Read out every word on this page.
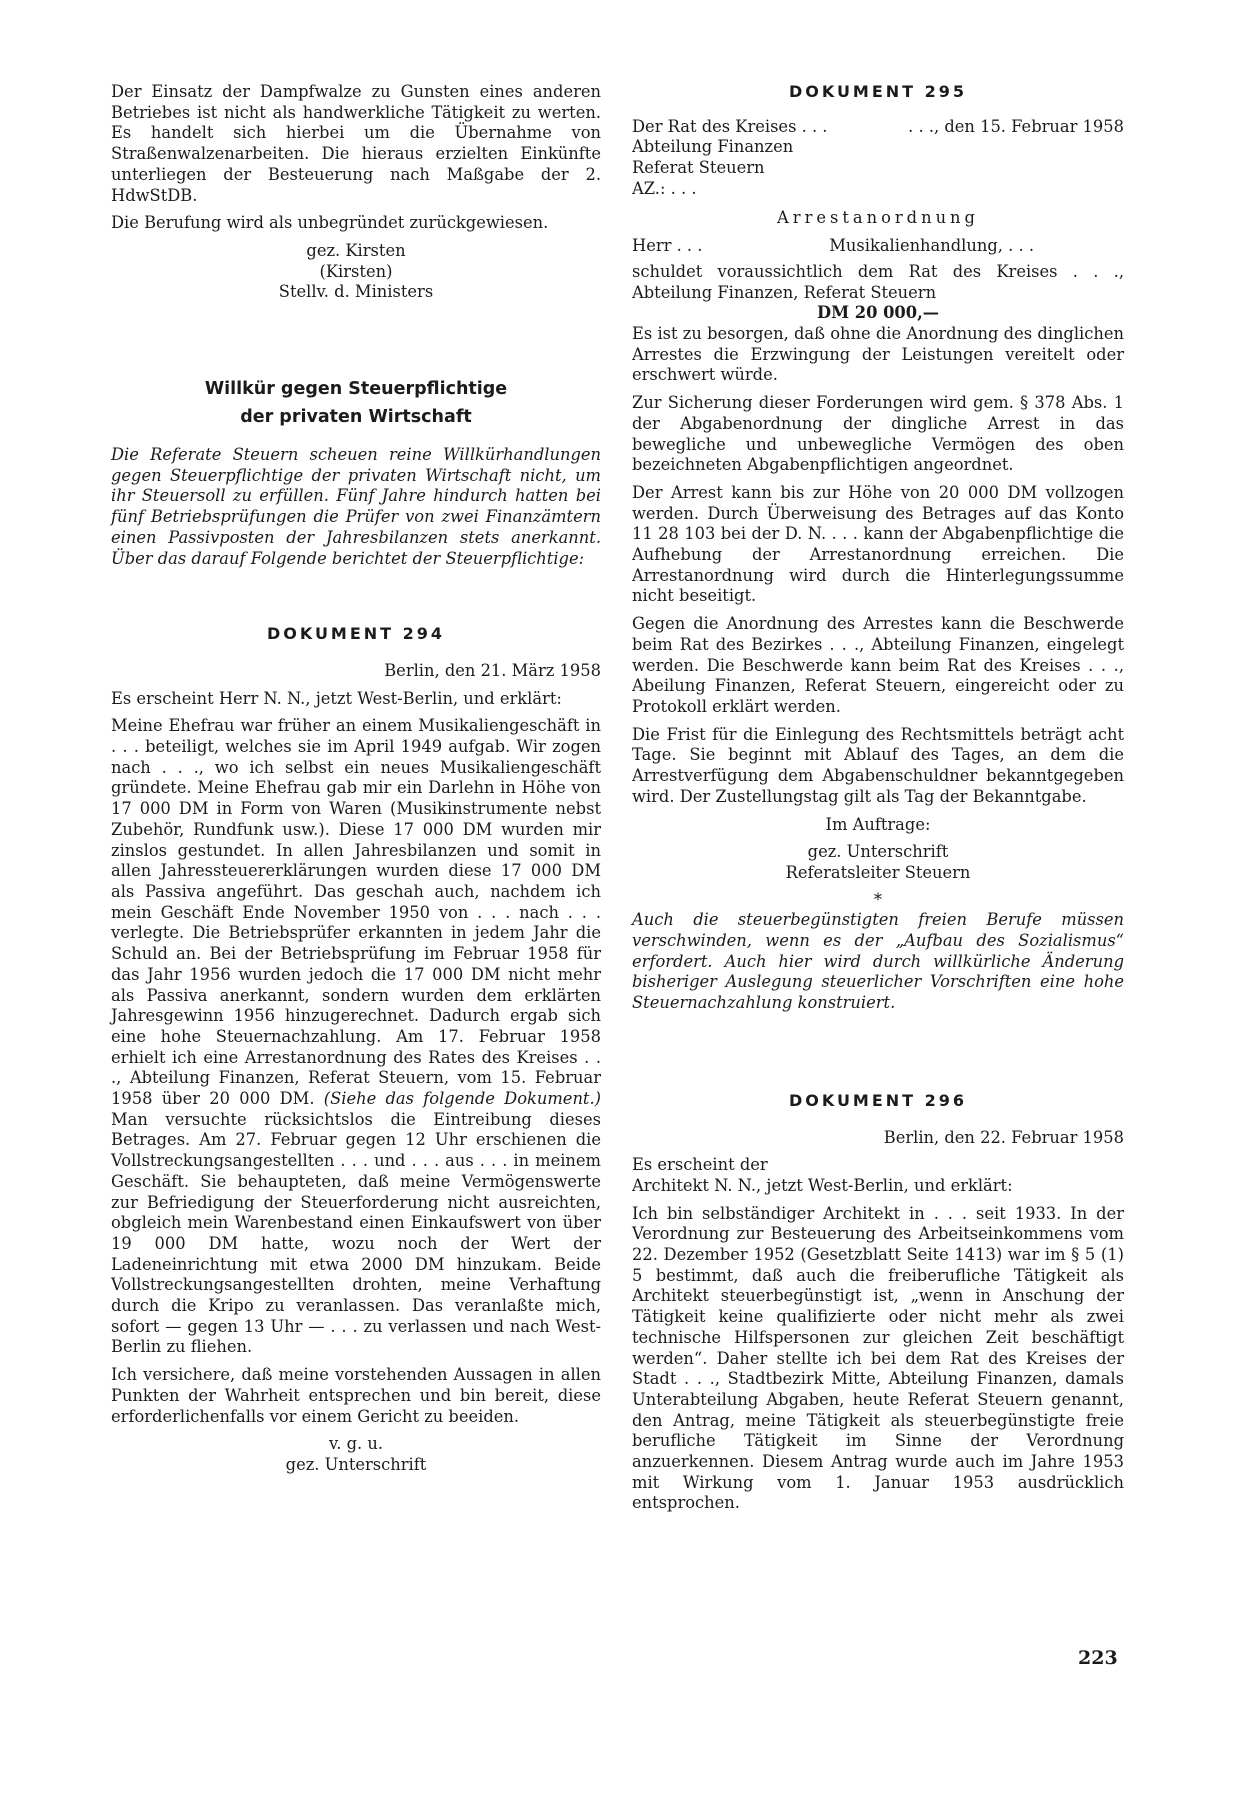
Der Einsatz der Dampfwalze zu Gunsten eines anderen Betriebes ist nicht als handwerkliche Tätigkeit zu werten. Es handelt sich hierbei um die Übernahme von Straßenwalzenarbeiten. Die hieraus erzielten Einkünfte unterliegen der Besteuerung nach Maßgabe der 2. HdwStDB.

Die Berufung wird als unbegründet zurückgewiesen.

gez. Kirsten

(Kirsten)

Stellv. d. Ministers

Willkür gegen Steuerpflichtige

der privaten Wirtschaft

Die Referate Steuern scheuen reine Willkürhandlungen gegen Steuerpflichtige der privaten Wirtschaft nicht, um ihr Steuersoll zu erfüllen. Fünf Jahre hindurch hatten bei fünf Betriebsprüfungen die Prüfer von zwei Finanzämtern einen Passivposten der Jahresbilanzen stets anerkannt. Über das darauf Folgende berichtet der Steuerpflichtige:

DOKUMENT 294

Berlin, den 21. März 1958

Es erscheint Herr N. N., jetzt West-Berlin, und erklärt:

Meine Ehefrau war früher an einem Musikaliengeschäft in . . . beteiligt, welches sie im April 1949 aufgab. Wir zogen nach . . ., wo ich selbst ein neues Musikaliengeschäft gründete. Meine Ehefrau gab mir ein Darlehn in Höhe von 17 000 DM in Form von Waren (Musikinstrumente nebst Zubehör, Rundfunk usw.). Diese 17 000 DM wurden mir zinslos gestundet. In allen Jahresbilanzen und somit in allen Jahressteuererklärungen wurden diese 17 000 DM als Passiva angeführt. Das geschah auch, nachdem ich mein Geschäft Ende November 1950 von . . . nach . . . verlegte. Die Betriebsprüfer erkannten in jedem Jahr die Schuld an. Bei der Betriebsprüfung im Februar 1958 für das Jahr 1956 wurden jedoch die 17 000 DM nicht mehr als Passiva anerkannt, sondern wurden dem erklärten Jahresgewinn 1956 hinzugerechnet. Dadurch ergab sich eine hohe Steuernachzahlung. Am 17. Februar 1958 erhielt ich eine Arrestanordnung des Rates des Kreises . . ., Abteilung Finanzen, Referat Steuern, vom 15. Februar 1958 über 20 000 DM. (Siehe das folgende Dokument.) Man versuchte rücksichtslos die Eintreibung dieses Betrages. Am 27. Februar gegen 12 Uhr erschienen die Vollstreckungsangestellten . . . und . . . aus . . . in meinem Geschäft. Sie behaupteten, daß meine Vermögenswerte zur Befriedigung der Steuerforderung nicht ausreichten, obgleich mein Warenbestand einen Einkaufswert von über 19 000 DM hatte, wozu noch der Wert der Ladeneinrichtung mit etwa 2000 DM hinzukam. Beide Vollstreckungsangestellten drohten, meine Verhaftung durch die Kripo zu veranlassen. Das veranlaßte mich, sofort — gegen 13 Uhr — . . . zu verlassen und nach West-Berlin zu fliehen.

Ich versichere, daß meine vorstehenden Aussagen in allen Punkten der Wahrheit entsprechen und bin bereit, diese erforderlichenfalls vor einem Gericht zu beeiden.

v. g. u.

gez. Unterschrift

DOKUMENT 295

Der Rat des Kreises . . .	. . ., den 15. Februar 1958

Abteilung Finanzen

Referat Steuern

AZ.: . . .

Arrestanordnung

Herr . . .	Musikalienhandlung, . . .

schuldet voraussichtlich dem Rat des Kreises . . ., Abteilung Finanzen, Referat Steuern

DM 20 000,—

Es ist zu besorgen, daß ohne die Anordnung des dinglichen Arrestes die Erzwingung der Leistungen vereitelt oder erschwert würde.

Zur Sicherung dieser Forderungen wird gem. § 378 Abs. 1 der Abgabenordnung der dingliche Arrest in das bewegliche und unbewegliche Vermögen des oben bezeichneten Abgabenpflichtigen angeordnet.

Der Arrest kann bis zur Höhe von 20 000 DM vollzogen werden. Durch Überweisung des Betrages auf das Konto 11 28 103 bei der D. N. . . . kann der Abgabenpflichtige die Aufhebung der Arrestanordnung erreichen. Die Arrestanordnung wird durch die Hinterlegungssumme nicht beseitigt.

Gegen die Anordnung des Arrestes kann die Beschwerde beim Rat des Bezirkes . . ., Abteilung Finanzen, eingelegt werden. Die Beschwerde kann beim Rat des Kreises . . ., Abeilung Finanzen, Referat Steuern, eingereicht oder zu Protokoll erklärt werden.

Die Frist für die Einlegung des Rechtsmittels beträgt acht Tage. Sie beginnt mit Ablauf des Tages, an dem die Arrestverfügung dem Abgabenschuldner bekanntgegeben wird. Der Zustellungstag gilt als Tag der Bekanntgabe.

Im Auftrage:

gez. Unterschrift

Referatsleiter Steuern

*

Auch die steuerbegünstigten freien Berufe müssen verschwinden, wenn es der „Aufbau des Sozialismus“ erfordert. Auch hier wird durch willkürliche Änderung bisheriger Auslegung steuerlicher Vorschriften eine hohe Steuernachzahlung konstruiert.

DOKUMENT 296

Berlin, den 22. Februar 1958

Es erscheint der

Architekt N. N., jetzt West-Berlin, und erklärt:

Ich bin selbständiger Architekt in . . . seit 1933. In der Verordnung zur Besteuerung des Arbeitseinkommens vom 22. Dezember 1952 (Gesetzblatt Seite 1413) war im § 5 (1) 5 bestimmt, daß auch die freiberufliche Tätigkeit als Architekt steuerbegünstigt ist, „wenn in Anschung der Tätigkeit keine qualifizierte oder nicht mehr als zwei technische Hilfspersonen zur gleichen Zeit beschäftigt werden“. Daher stellte ich bei dem Rat des Kreises der Stadt . . ., Stadtbezirk Mitte, Abteilung Finanzen, damals Unterabteilung Abgaben, heute Referat Steuern genannt, den Antrag, meine Tätigkeit als steuerbegünstigte freie berufliche Tätigkeit im Sinne der Verordnung anzuerkennen. Diesem Antrag wurde auch im Jahre 1953 mit Wirkung vom 1. Januar 1953 ausdrücklich entsprochen.

223
